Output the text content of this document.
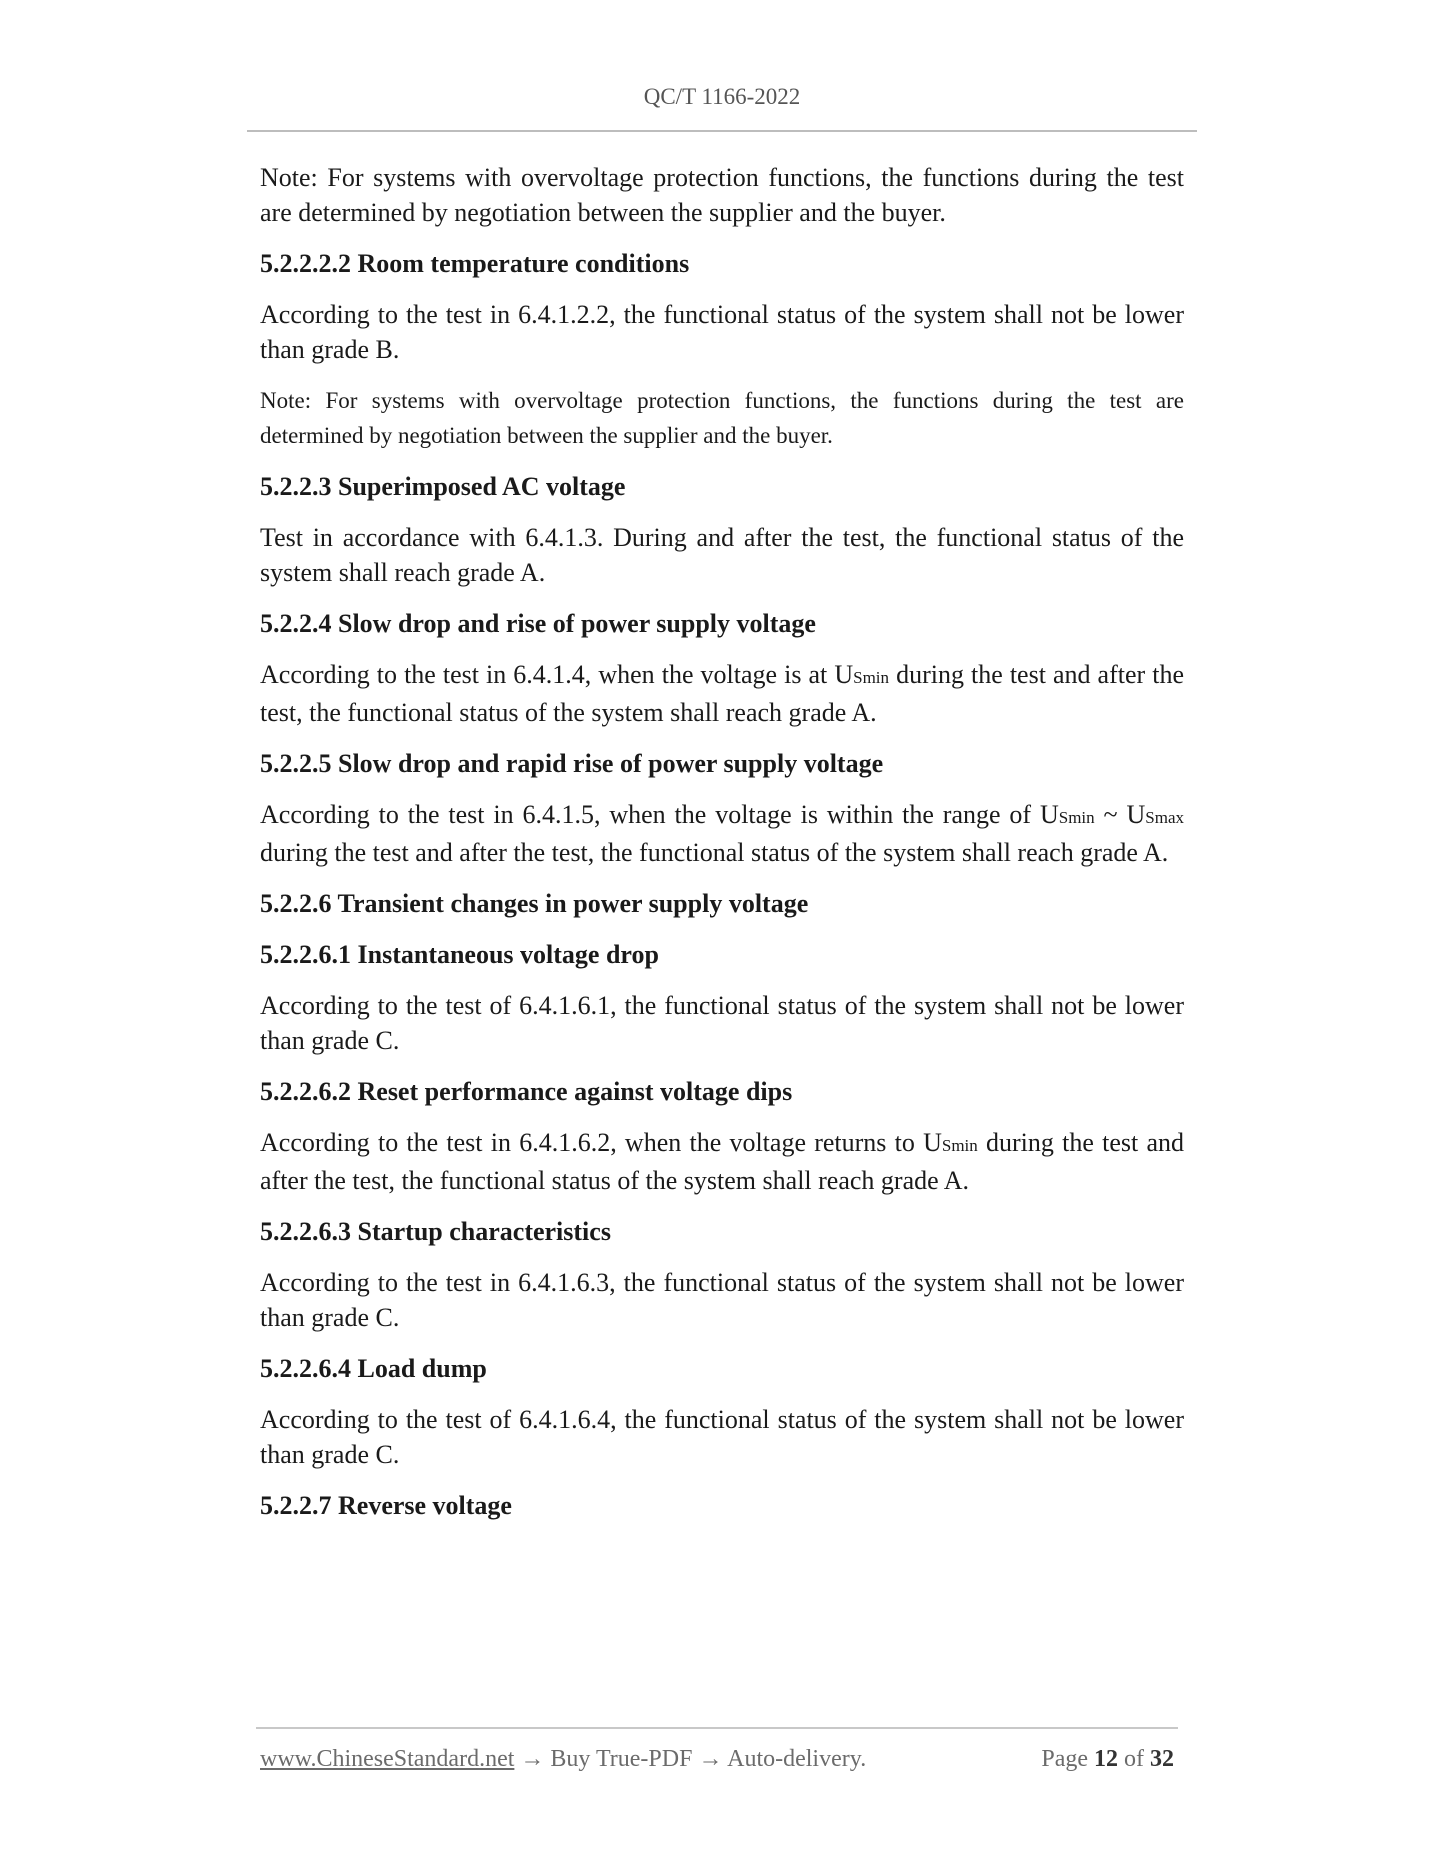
QC/T 1166-2022

Note: For systems with overvoltage protection functions, the functions during the test are determined by negotiation between the supplier and the buyer.

5.2.2.2.2 Room temperature conditions

According to the test in 6.4.1.2.2, the functional status of the system shall not be lower than grade B.

Note: For systems with overvoltage protection functions, the functions during the test are determined by negotiation between the supplier and the buyer.

5.2.2.3 Superimposed AC voltage

Test in accordance with 6.4.1.3. During and after the test, the functional status of the system shall reach grade A.

5.2.2.4 Slow drop and rise of power supply voltage

According to the test in 6.4.1.4, when the voltage is at USmin during the test and after the test, the functional status of the system shall reach grade A.

5.2.2.5 Slow drop and rapid rise of power supply voltage

According to the test in 6.4.1.5, when the voltage is within the range of USmin ~ USmax during the test and after the test, the functional status of the system shall reach grade A.

5.2.2.6 Transient changes in power supply voltage

5.2.2.6.1 Instantaneous voltage drop

According to the test of 6.4.1.6.1, the functional status of the system shall not be lower than grade C.

5.2.2.6.2 Reset performance against voltage dips

According to the test in 6.4.1.6.2, when the voltage returns to USmin during the test and after the test, the functional status of the system shall reach grade A.

5.2.2.6.3 Startup characteristics

According to the test in 6.4.1.6.3, the functional status of the system shall not be lower than grade C.

5.2.2.6.4 Load dump

According to the test of 6.4.1.6.4, the functional status of the system shall not be lower than grade C.

5.2.2.7 Reverse voltage

www.ChineseStandard.net → Buy True-PDF → Auto-delivery.	Page 12 of 32
